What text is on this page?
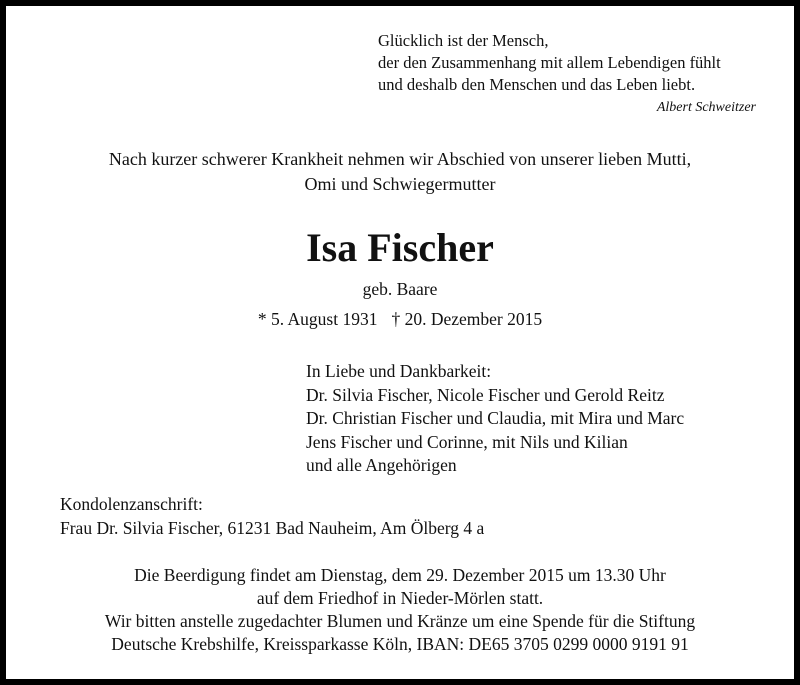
Glücklich ist der Mensch,
der den Zusammenhang mit allem Lebendigen fühlt
und deshalb den Menschen und das Leben liebt.
Albert Schweitzer
Nach kurzer schwerer Krankheit nehmen wir Abschied von unserer lieben Mutti,
Omi und Schwiegermutter
Isa Fischer
geb. Baare
* 5. August 1931 † 20. Dezember 2015
In Liebe und Dankbarkeit:
Dr. Silvia Fischer, Nicole Fischer und Gerold Reitz
Dr. Christian Fischer und Claudia, mit Mira und Marc
Jens Fischer und Corinne, mit Nils und Kilian
und alle Angehörigen
Kondolenzanschrift:
Frau Dr. Silvia Fischer, 61231 Bad Nauheim, Am Ölberg 4 a
Die Beerdigung findet am Dienstag, dem 29. Dezember 2015 um 13.30 Uhr
auf dem Friedhof in Nieder-Mörlen statt.
Wir bitten anstelle zugedachter Blumen und Kränze um eine Spende für die Stiftung
Deutsche Krebshilfe, Kreissparkasse Köln, IBAN: DE65 3705 0299 0000 9191 91
